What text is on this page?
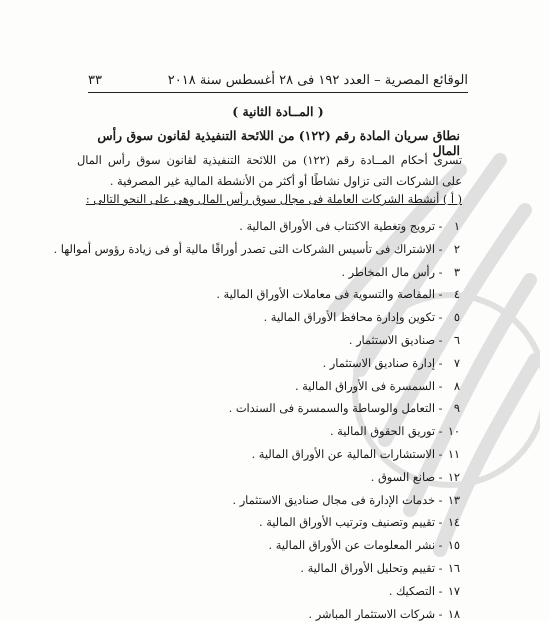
الوقائع المصرية – العدد ١٩٢ فى ٢٨ أغسطس سنة ٢٠١٨
٣٣
( المــادة الثانية )
نطاق سريان المادة رقم (١٢٢) من اللائحة التنفيذية لقانون سوق رأس المال
تسرى أحكام المــادة رقم (١٢٢) من اللائحة التنفيذية لقانون سوق رأس المال
على الشركات التى تزاول نشاطًا أو أكثر من الأنشطة المالية غير المصرفية .
( أ ) أنشطة الشركات العاملة فى مجال سوق رأس المال وهى على النحو التالى :
١ - ترويج وتغطية الاكتتاب فى الأوراق المالية .
٢ - الاشتراك فى تأسيس الشركات التى تصدر أوراقًا مالية أو فى زيادة رؤوس أموالها .
٣ - رأس مال المخاطر .
٤ - المقاصة والتسوية فى معاملات الأوراق المالية .
٥ - تكوين وإدارة محافظ الأوراق المالية .
٦ - صناديق الاستثمار .
٧ - إدارة صناديق الاستثمار .
٨ - السمسرة فى الأوراق المالية .
٩ - التعامل والوساطة والسمسرة فى السندات .
١٠ - توريق الحقوق المالية .
١١ - الاستشارات المالية عن الأوراق المالية .
١٢ - صانع السوق .
١٣ - خدمات الإدارة فى مجال صناديق الاستثمار .
١٤ - تقييم وتصنيف وترتيب الأوراق المالية .
١٥ - نشر المعلومات عن الأوراق المالية .
١٦ - تقييم وتحليل الأوراق المالية .
١٧ - التصكيك .
١٨ - شركات الاستثمار المباشر .
